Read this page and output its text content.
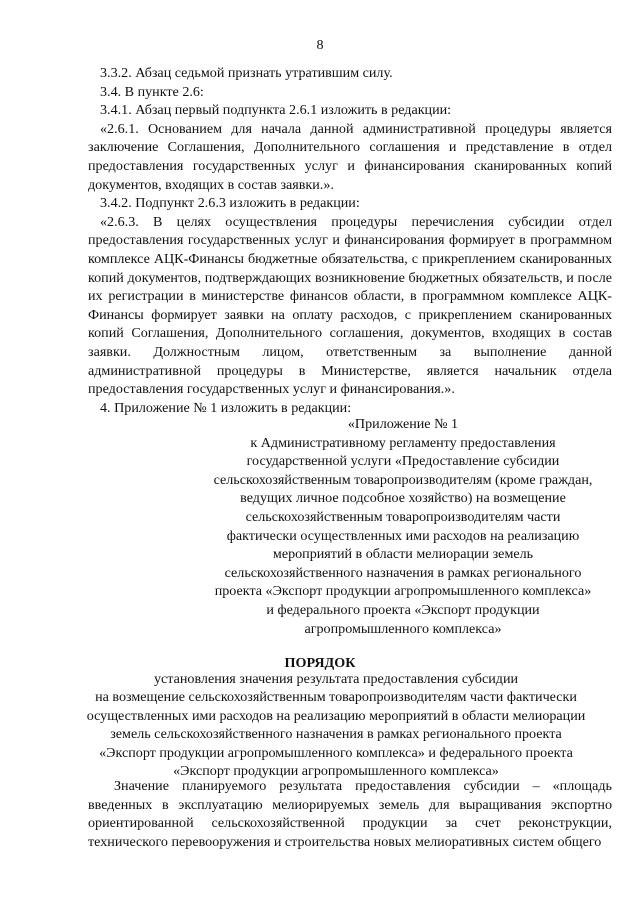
8

3.3.2. Абзац седьмой признать утратившим силу.

3.4. В пункте 2.6:

3.4.1. Абзац первый подпункта 2.6.1 изложить в редакции:

«2.6.1. Основанием для начала данной административной процедуры является заключение Соглашения, Дополнительного соглашения и представление в отдел предоставления государственных услуг и финансирования сканированных копий документов, входящих в состав заявки.».

3.4.2. Подпункт 2.6.3 изложить в редакции:

«2.6.3. В целях осуществления процедуры перечисления субсидии отдел предоставления государственных услуг и финансирования формирует в программном комплексе АЦК-Финансы бюджетные обязательства, с прикреплением сканированных копий документов, подтверждающих возникновение бюджетных обязательств, и после их регистрации в министерстве финансов области, в программном комплексе АЦК-Финансы формирует заявки на оплату расходов, с прикреплением сканированных копий Соглашения, Дополнительного соглашения, документов, входящих в состав заявки. Должностным лицом, ответственным за выполнение данной административной процедуры в Министерстве, является начальник отдела предоставления государственных услуг и финансирования.».

4. Приложение № 1 изложить в редакции:

«Приложение № 1
к Административному регламенту предоставления
государственной услуги «Предоставление субсидии
сельскохозяйственным товаропроизводителям (кроме граждан,
ведущих личное подсобное хозяйство) на возмещение
сельскохозяйственным товаропроизводителям части
фактически осуществленных ими расходов на реализацию
мероприятий в области мелиорации земель
сельскохозяйственного назначения в рамках регионального
проекта «Экспорт продукции агропромышленного комплекса»
и федерального проекта «Экспорт продукции
агропромышленного комплекса»
ПОРЯДОК
установления значения результата предоставления субсидии
на возмещение сельскохозяйственным товаропроизводителям части фактически
осуществленных ими расходов на реализацию мероприятий в области мелиорации
земель сельскохозяйственного назначения в рамках регионального проекта
«Экспорт продукции агропромышленного комплекса» и федерального проекта
«Экспорт продукции агропромышленного комплекса»

Значение планируемого результата предоставления субсидии – «площадь введенных в эксплуатацию мелиорируемых земель для выращивания экспортно ориентированной сельскохозяйственной продукции за счет реконструкции, технического перевооружения и строительства новых мелиоративных систем общего
